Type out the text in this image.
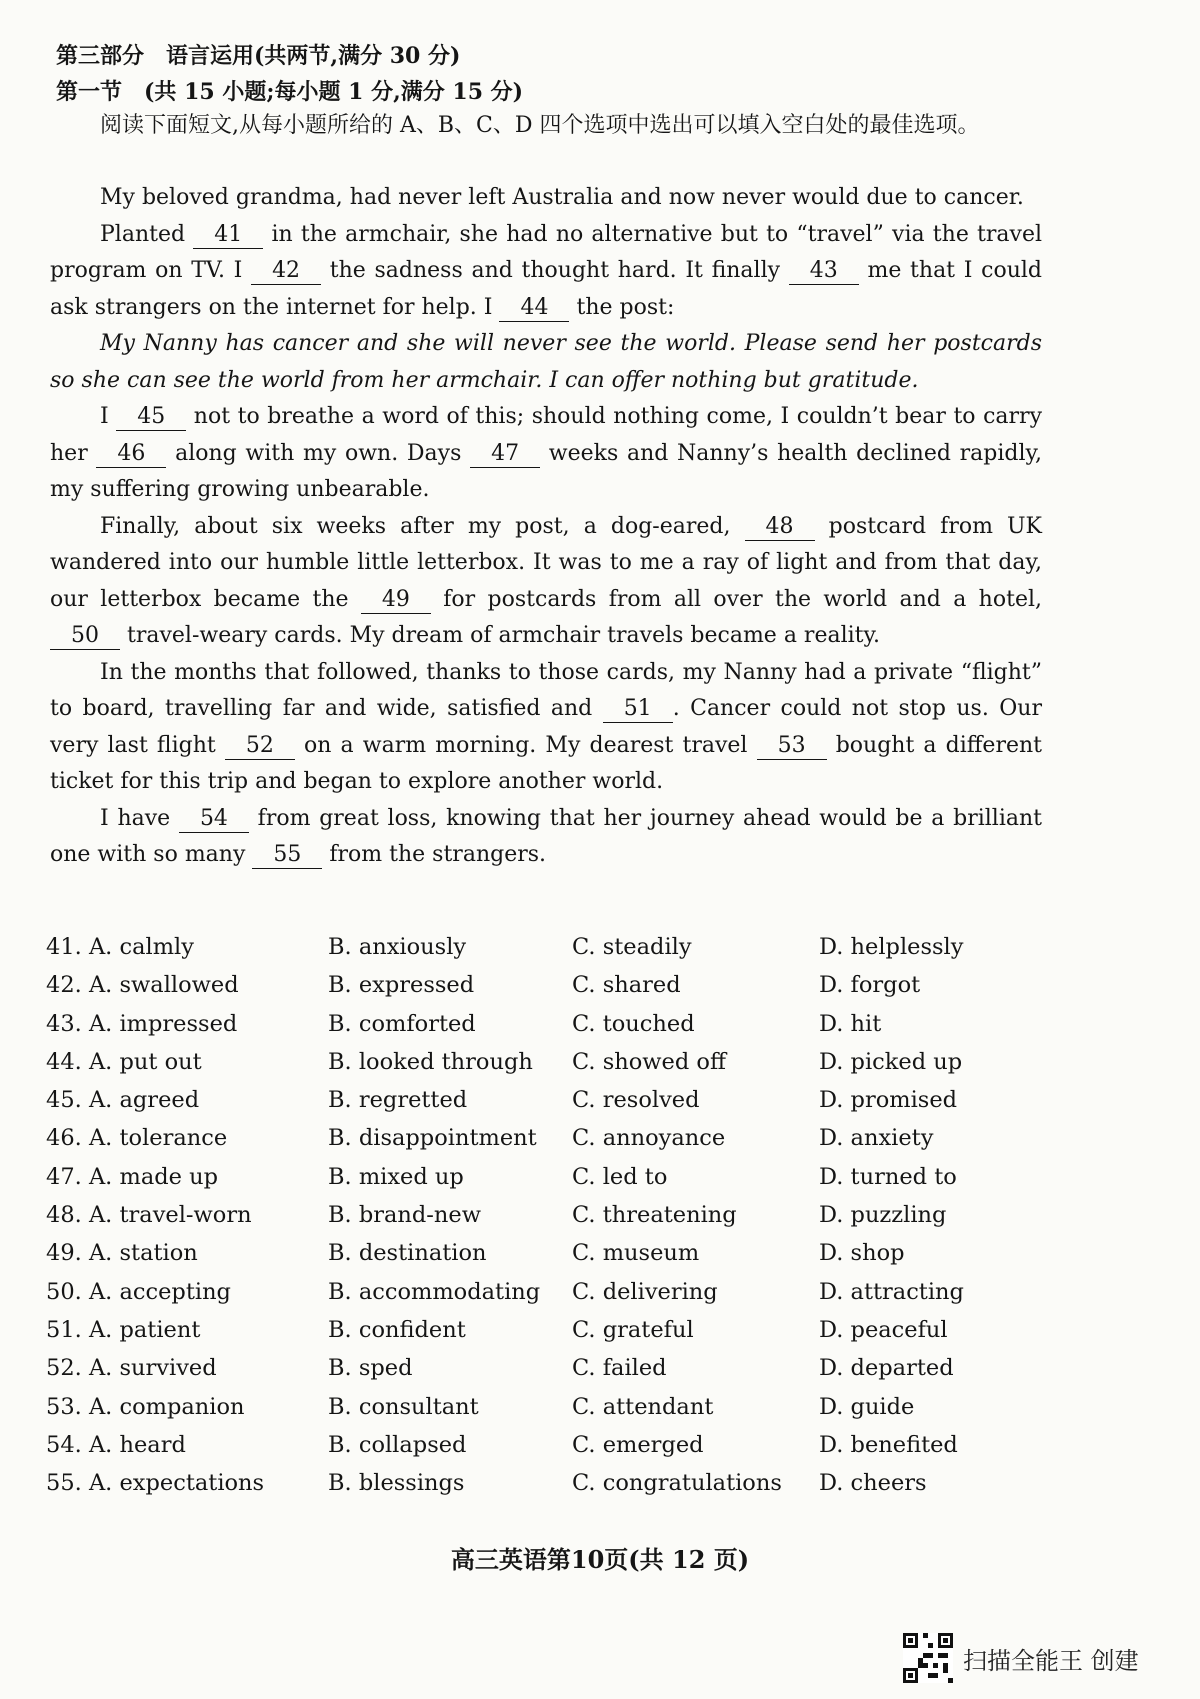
第三部分　语言运用(共两节,满分 30 分)
第一节　(共 15 小题;每小题 1 分,满分 15 分)
阅读下面短文,从每小题所给的 A、B、C、D 四个选项中选出可以填入空白处的最佳选项。

My beloved grandma, had never left Australia and now never would due to cancer.

Planted 41 in the armchair, she had no alternative but to “travel” via the travel program on TV. I 42 the sadness and thought hard. It finally 43 me that I could ask strangers on the internet for help. I 44 the post:

My Nanny has cancer and she will never see the world. Please send her postcards so she can see the world from her armchair. I can offer nothing but gratitude.

I 45 not to breathe a word of this; should nothing come, I couldn’t bear to carry her 46 along with my own. Days 47 weeks and Nanny’s health declined rapidly, my suffering growing unbearable.

Finally, about six weeks after my post, a dog-eared, 48 postcard from UK wandered into our humble little letterbox. It was to me a ray of light and from that day, our letterbox became the 49 for postcards from all over the world and a hotel, 50 travel-weary cards. My dream of armchair travels became a reality.

In the months that followed, thanks to those cards, my Nanny had a private “flight” to board, travelling far and wide, satisfied and 51 . Cancer could not stop us. Our very last flight 52 on a warm morning. My dearest travel 53 bought a different ticket for this trip and began to explore another world.

I have 54 from great loss, knowing that her journey ahead would be a brilliant one with so many 55 from the strangers.

41. A. calmly	B. anxiously	C. steadily	D. helplessly
42. A. swallowed	B. expressed	C. shared	D. forgot
43. A. impressed	B. comforted	C. touched	D. hit
44. A. put out	B. looked through C. showed off	D. picked up
45. A. agreed	B. regretted	C. resolved	D. promised
46. A. tolerance	B. disappointment C. annoyance	D. anxiety
47. A. made up	B. mixed up	C. led to	D. turned to
48. A. travel-worn	B. brand-new	C. threatening	D. puzzling
49. A. station	B. destination	C. museum	D. shop
50. A. accepting	B. accommodating C. delivering	D. attracting
51. A. patient	B. confident	C. grateful	D. peaceful
52. A. survived	B. sped	C. failed	D. departed
53. A. companion	B. consultant	C. attendant	D. guide
54. A. heard	B. collapsed	C. emerged	D. benefited
55. A. expectations	B. blessings	C. congratulations D. cheers
高三英语第10页(共 12 页)
扫描全能王 创建
